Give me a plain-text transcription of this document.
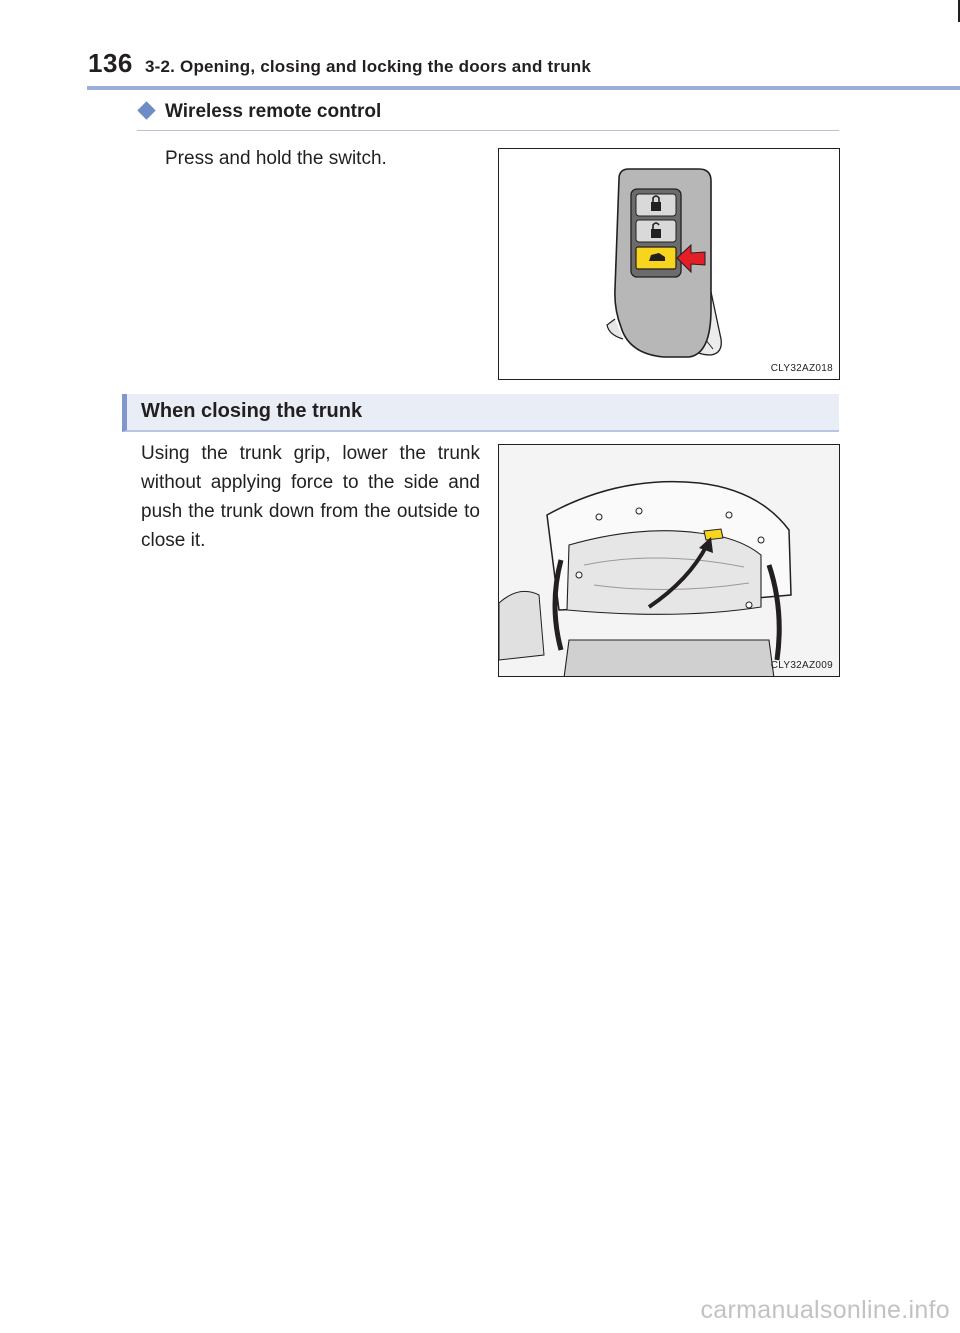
136 3-2. Opening, closing and locking the doors and trunk
Wireless remote control
Press and hold the switch.
CLY32AZ018
When closing the trunk
Using the trunk grip, lower the trunk without applying force to the side and push the trunk down from the outside to close it.
CLY32AZ009
carmanualsonline.info
